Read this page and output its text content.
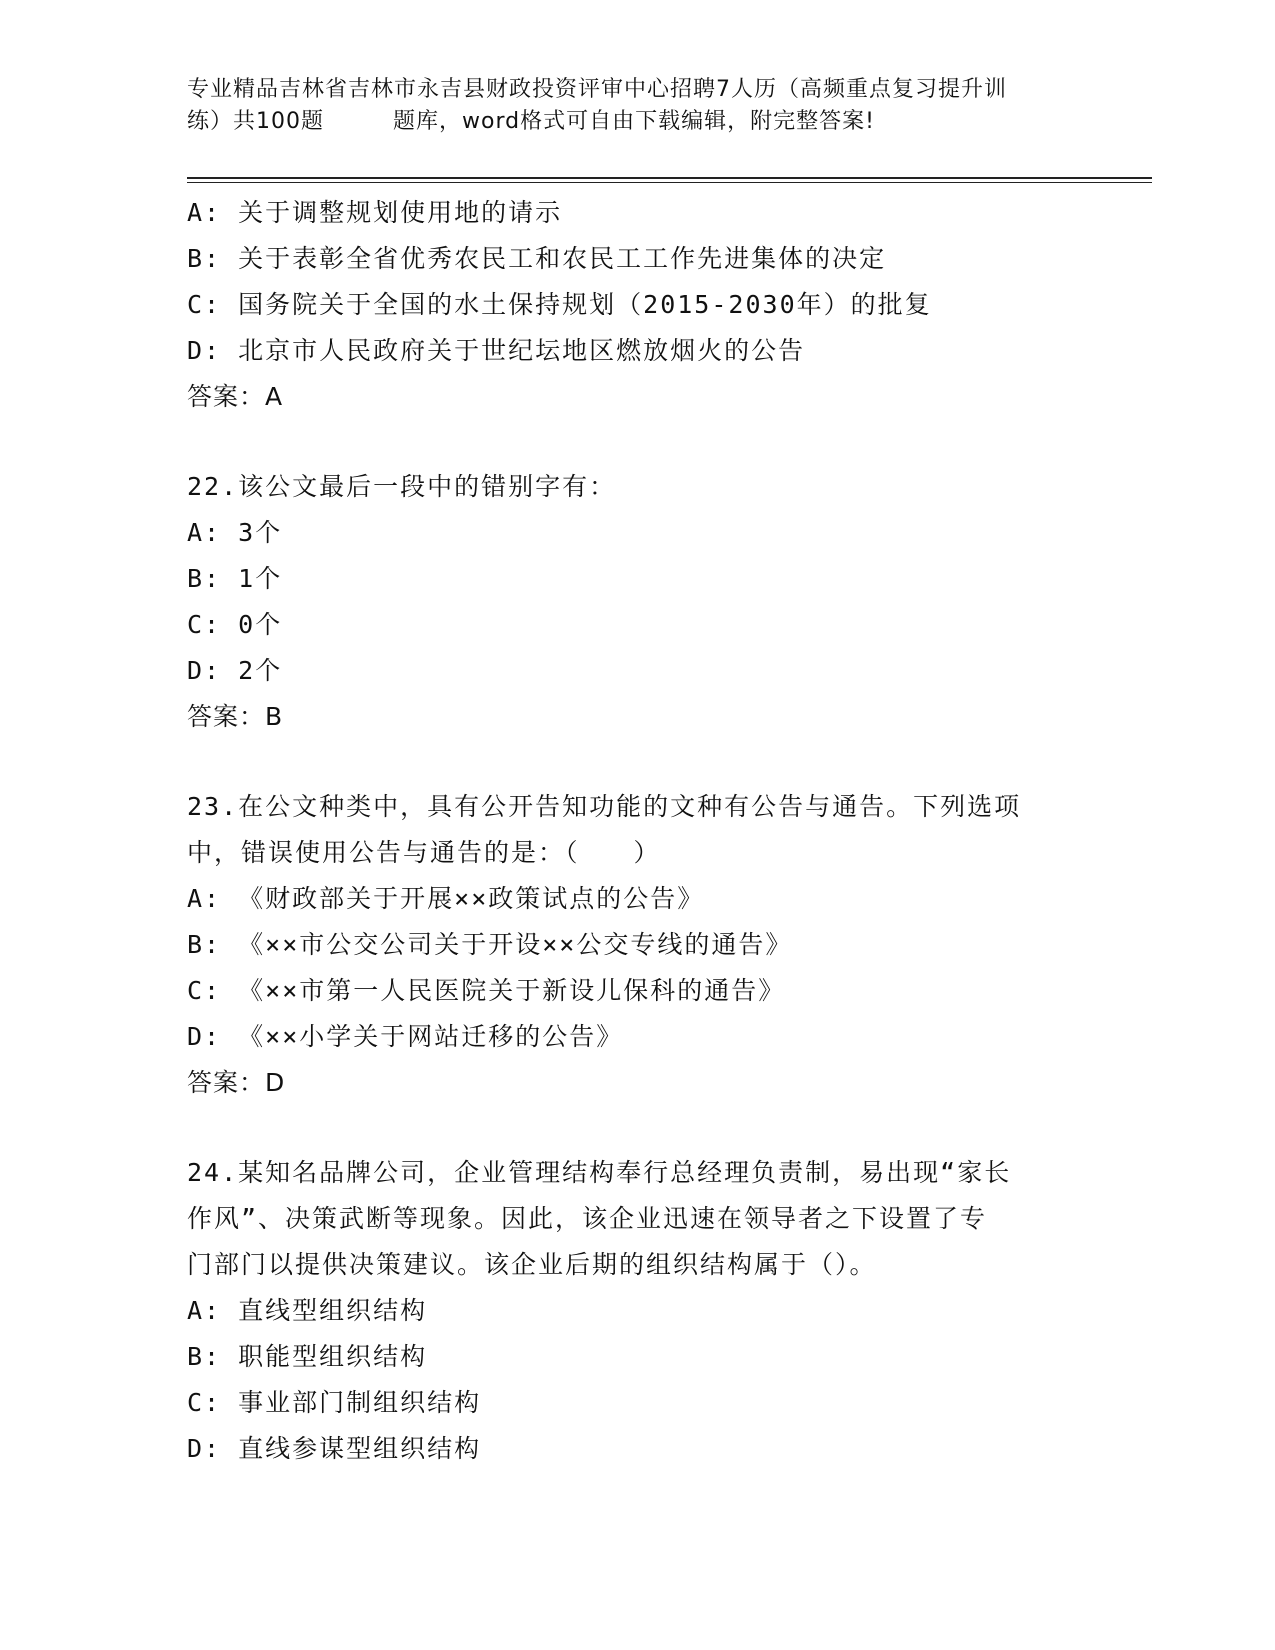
专业精品吉林省吉林市永吉县财政投资评审中心招聘7人历（高频重点复习提升训
练）共100题　　　题库，word格式可自由下载编辑，附完整答案!
A: 关于调整规划使用地的请示
B: 关于表彰全省优秀农民工和农民工工作先进集体的决定
C: 国务院关于全国的水土保持规划（2015-2030年）的批复
D: 北京市人民政府关于世纪坛地区燃放烟火的公告
答案：A
22.该公文最后一段中的错别字有：
A: 3个
B: 1个
C: 0个
D: 2个
答案：B
23.在公文种类中，具有公开告知功能的文种有公告与通告。下列选项
中，错误使用公告与通告的是：（　　）
A: 《财政部关于开展××政策试点的公告》
B: 《××市公交公司关于开设××公交专线的通告》
C: 《××市第一人民医院关于新设儿保科的通告》
D: 《××小学关于网站迁移的公告》
答案：D
24.某知名品牌公司，企业管理结构奉行总经理负责制，易出现“家长
作风”、决策武断等现象。因此，该企业迅速在领导者之下设置了专
门部门以提供决策建议。该企业后期的组织结构属于（）。
A: 直线型组织结构
B: 职能型组织结构
C: 事业部门制组织结构
D: 直线参谋型组织结构
